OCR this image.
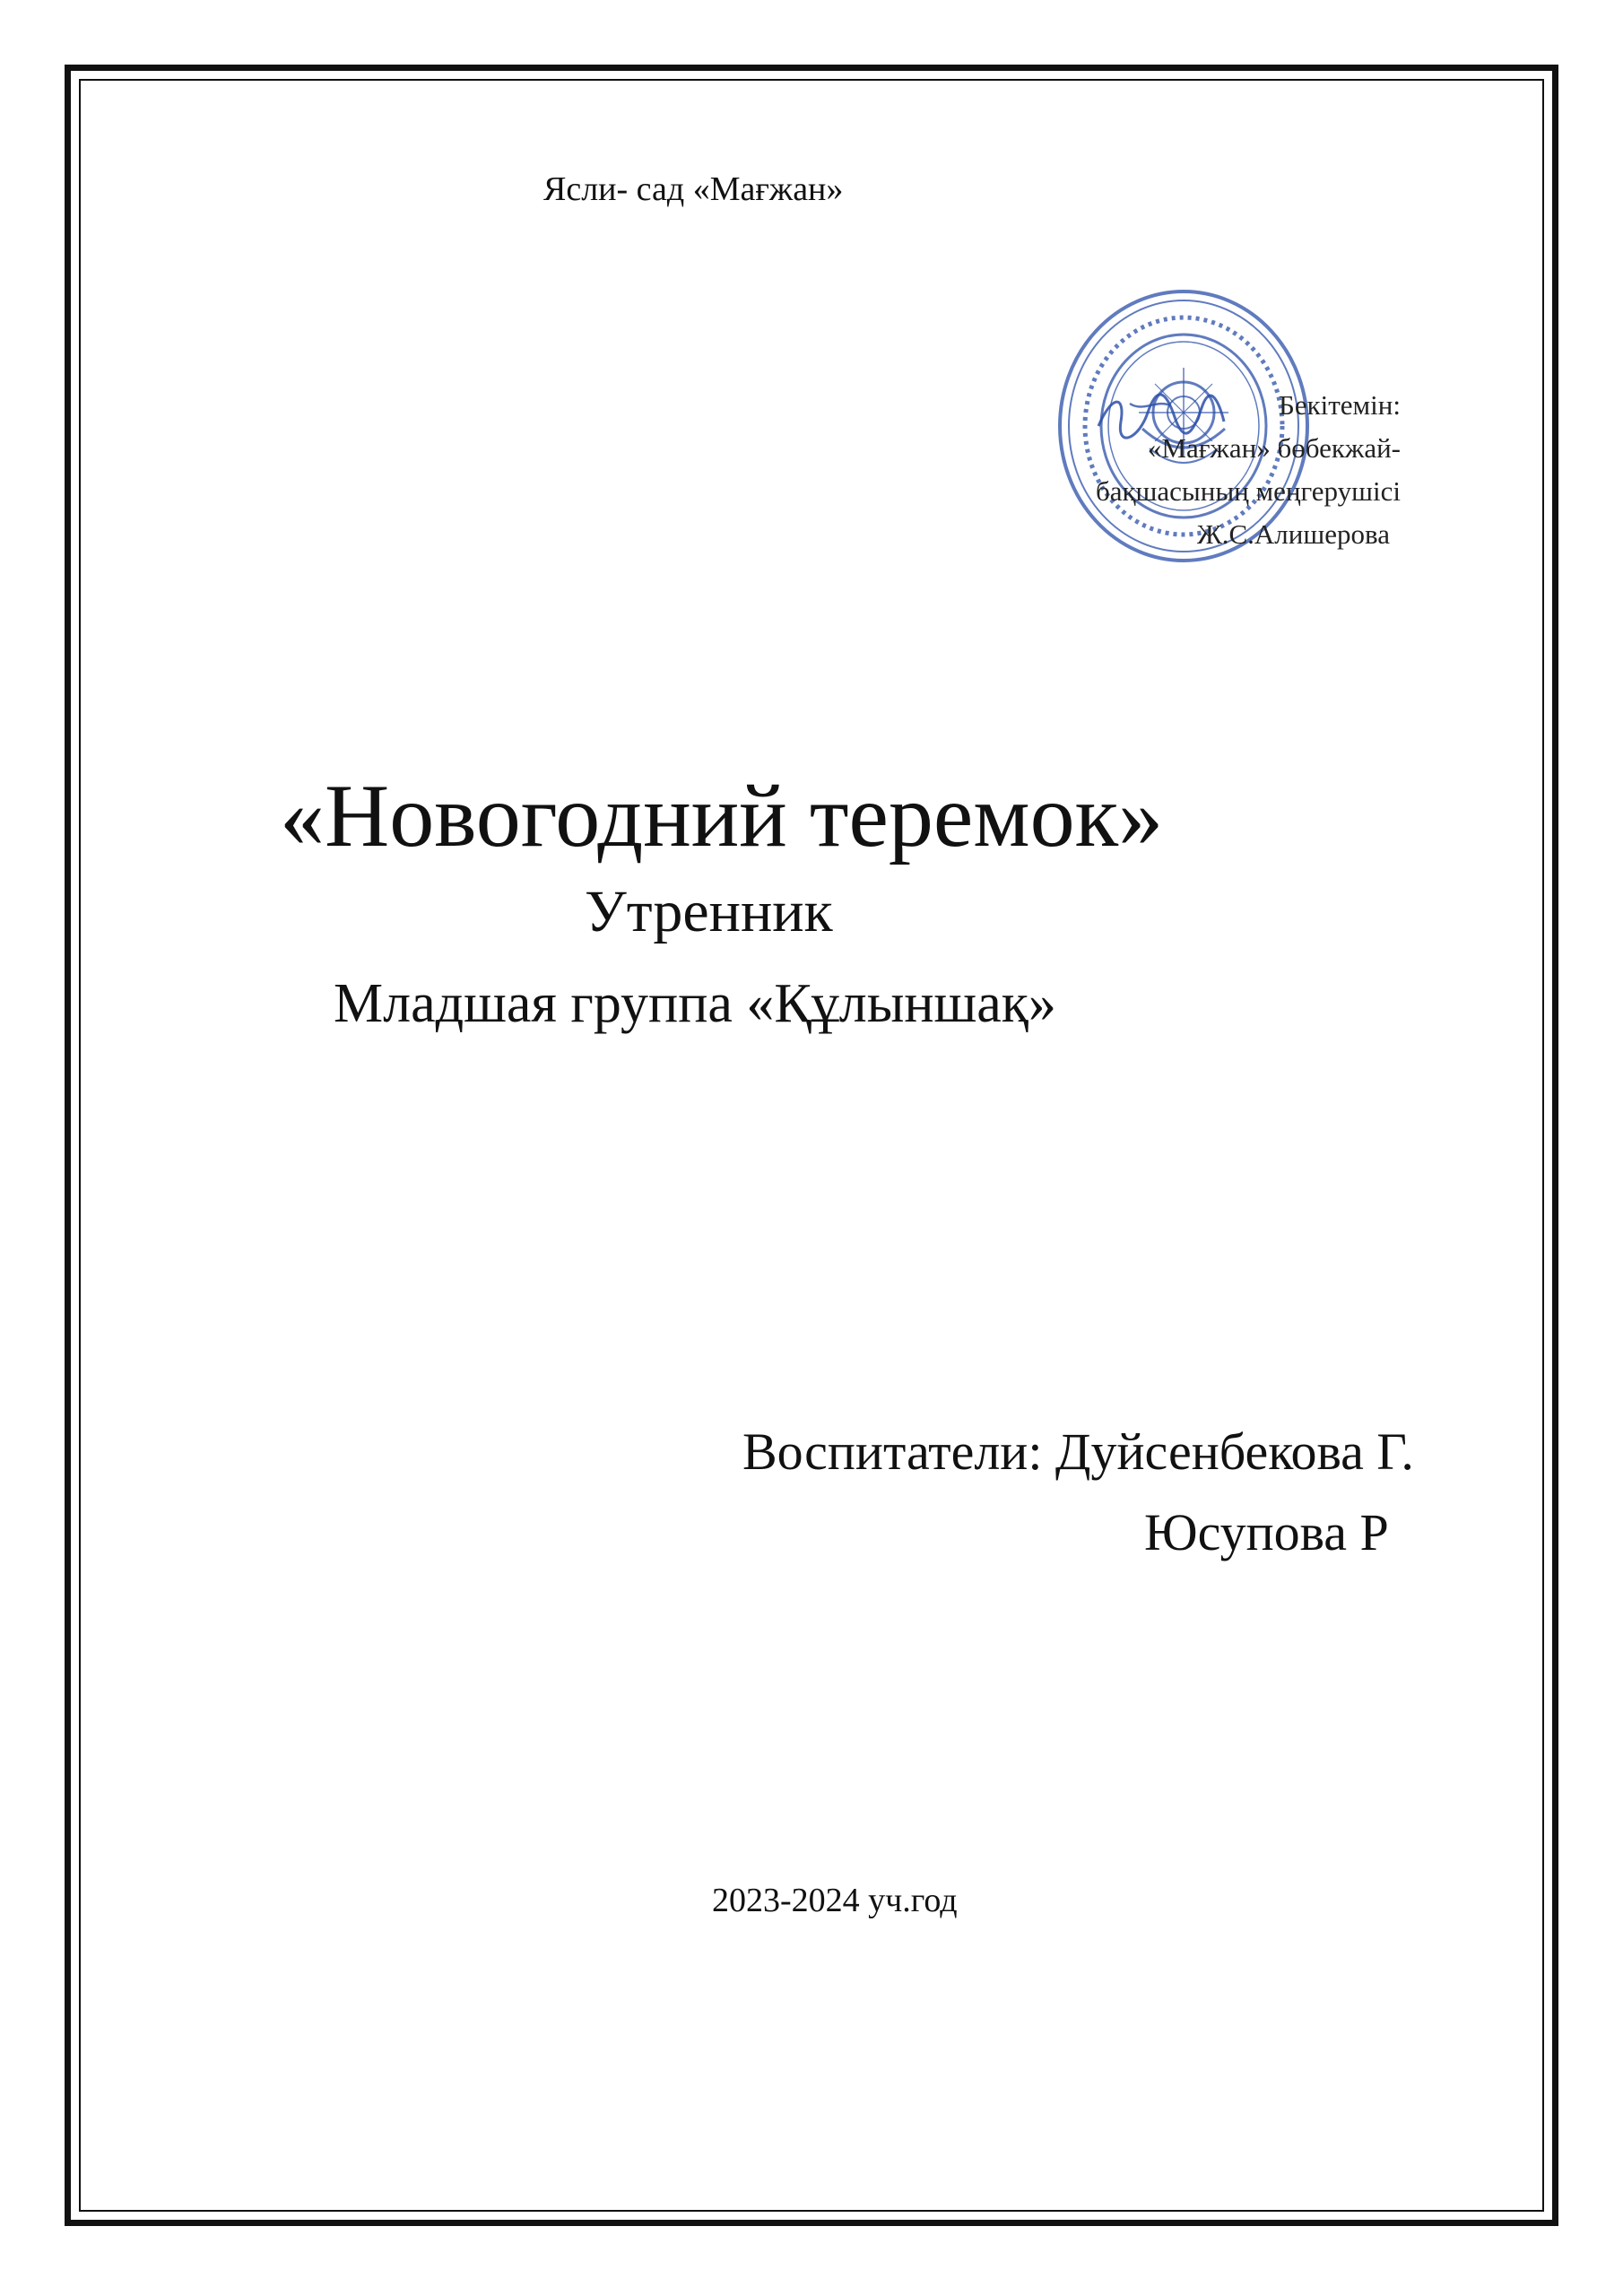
Ясли- сад «Мағжан»
Бекітемін:
«Мағжан» бөбекжай-
бақшасының меңгерушісі
Ж.С.Алишерова
«Новогодний теремок»
Утренник
Младшая группа «Құлыншақ»
Воспитатели: Дуйсенбекова Г.
Юсупова Р
2023-2024 уч.год
